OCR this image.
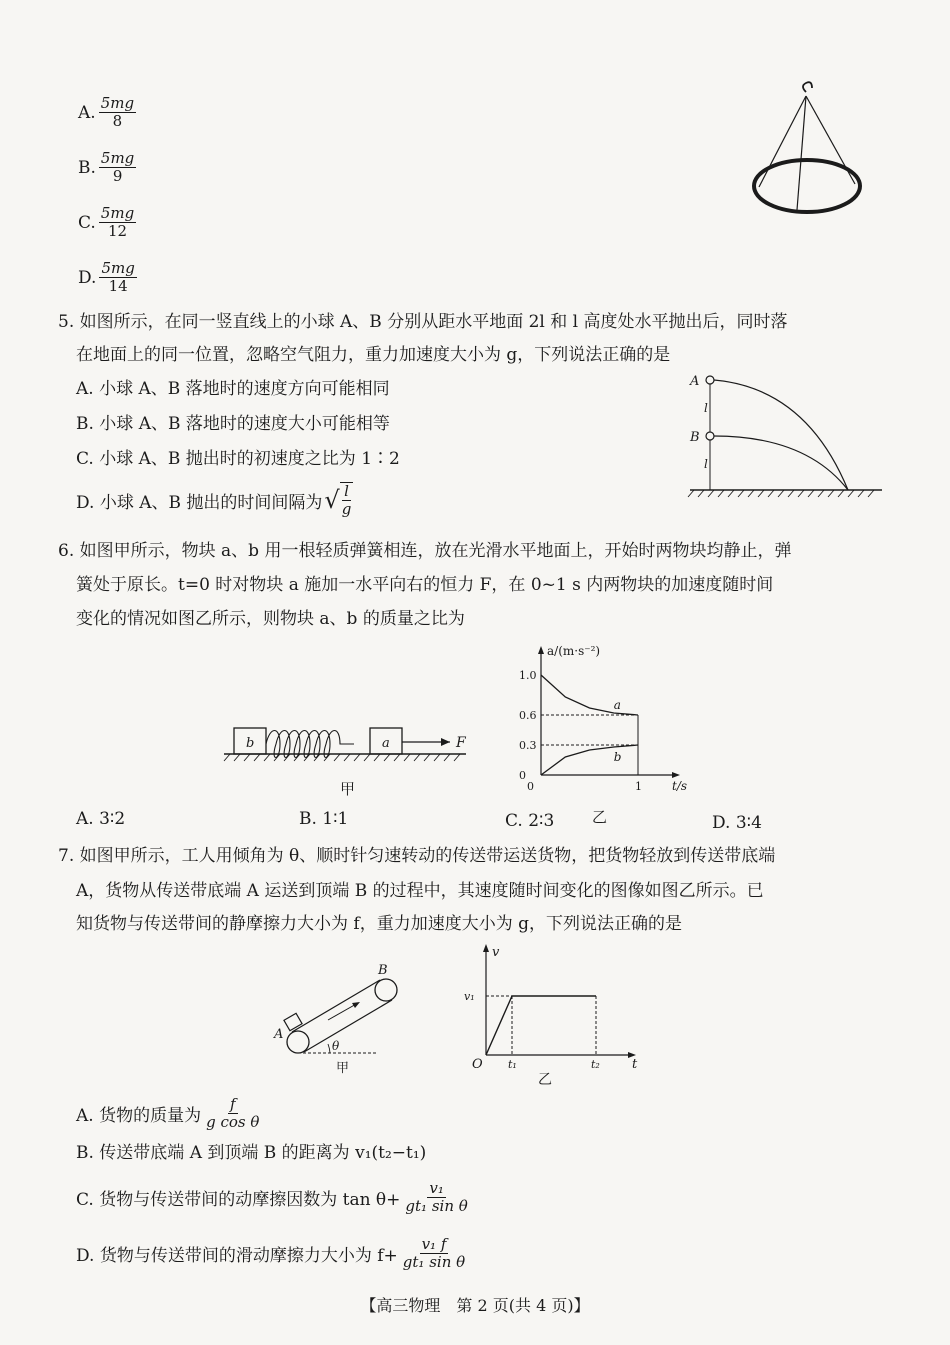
A. $\frac{5mg}{8}$
B. $\frac{5mg}{9}$
C. $\frac{5mg}{12}$
D. $\frac{5mg}{14}$
5. 如图所示，在同一竖直线上的小球 A、B 分别从距水平地面 2l 和 l 高度处水平抛出后，同时落
在地面上的同一位置，忽略空气阻力，重力加速度大小为 g，下列说法正确的是
A. 小球 A、B 落地时的速度方向可能相同
B. 小球 A、B 落地时的速度大小可能相等
C. 小球 A、B 抛出时的初速度之比为 1∶2
D. 小球 A、B 抛出的时间间隔为 √ $\frac{l}{g}$
A
B
l
l
6. 如图甲所示，物块 a、b 用一根轻质弹簧相连，放在光滑水平地面上，开始时两物块均静止，弹
簧处于原长。t=0 时对物块 a 施加一水平向右的恒力 F，在 0~1 s 内两物块的加速度随时间
变化的情况如图乙所示，则物块 a、b 的质量之比为
b	a	F
甲
a/(m·s⁻²)
t/s
1.0
0.6
0.3
0
0	1
a
b
乙
A. 3∶2	B. 1∶1	C. 2∶3	D. 3∶4
7. 如图甲所示，工人用倾角为 θ、顺时针匀速转动的传送带运送货物，把货物轻放到传送带底端
A，货物从传送带底端 A 运送到顶端 B 的过程中，其速度随时间变化的图像如图乙所示。已
知货物与传送带间的静摩擦力大小为 f，重力加速度大小为 g，下列说法正确的是
θ
A
B
甲
v
t
O
v₁
t₁	t₂
乙
A. 货物的质量为 $\frac{f}{\text{g cos θ}}$
B. 传送带底端 A 到顶端 B 的距离为 v₁(t₂−t₁)
C. 货物与传送带间的动摩擦因数为 $\tan \theta+ \frac{\text{v₁}}{\text{gt₁ sin θ}}$
D. 货物与传送带间的滑动摩擦力大小为 $f+ \frac{\text{v₁ f}}{\text{gt₁ sin θ}}$
【高三物理　第 2 页(共 4 页)】
